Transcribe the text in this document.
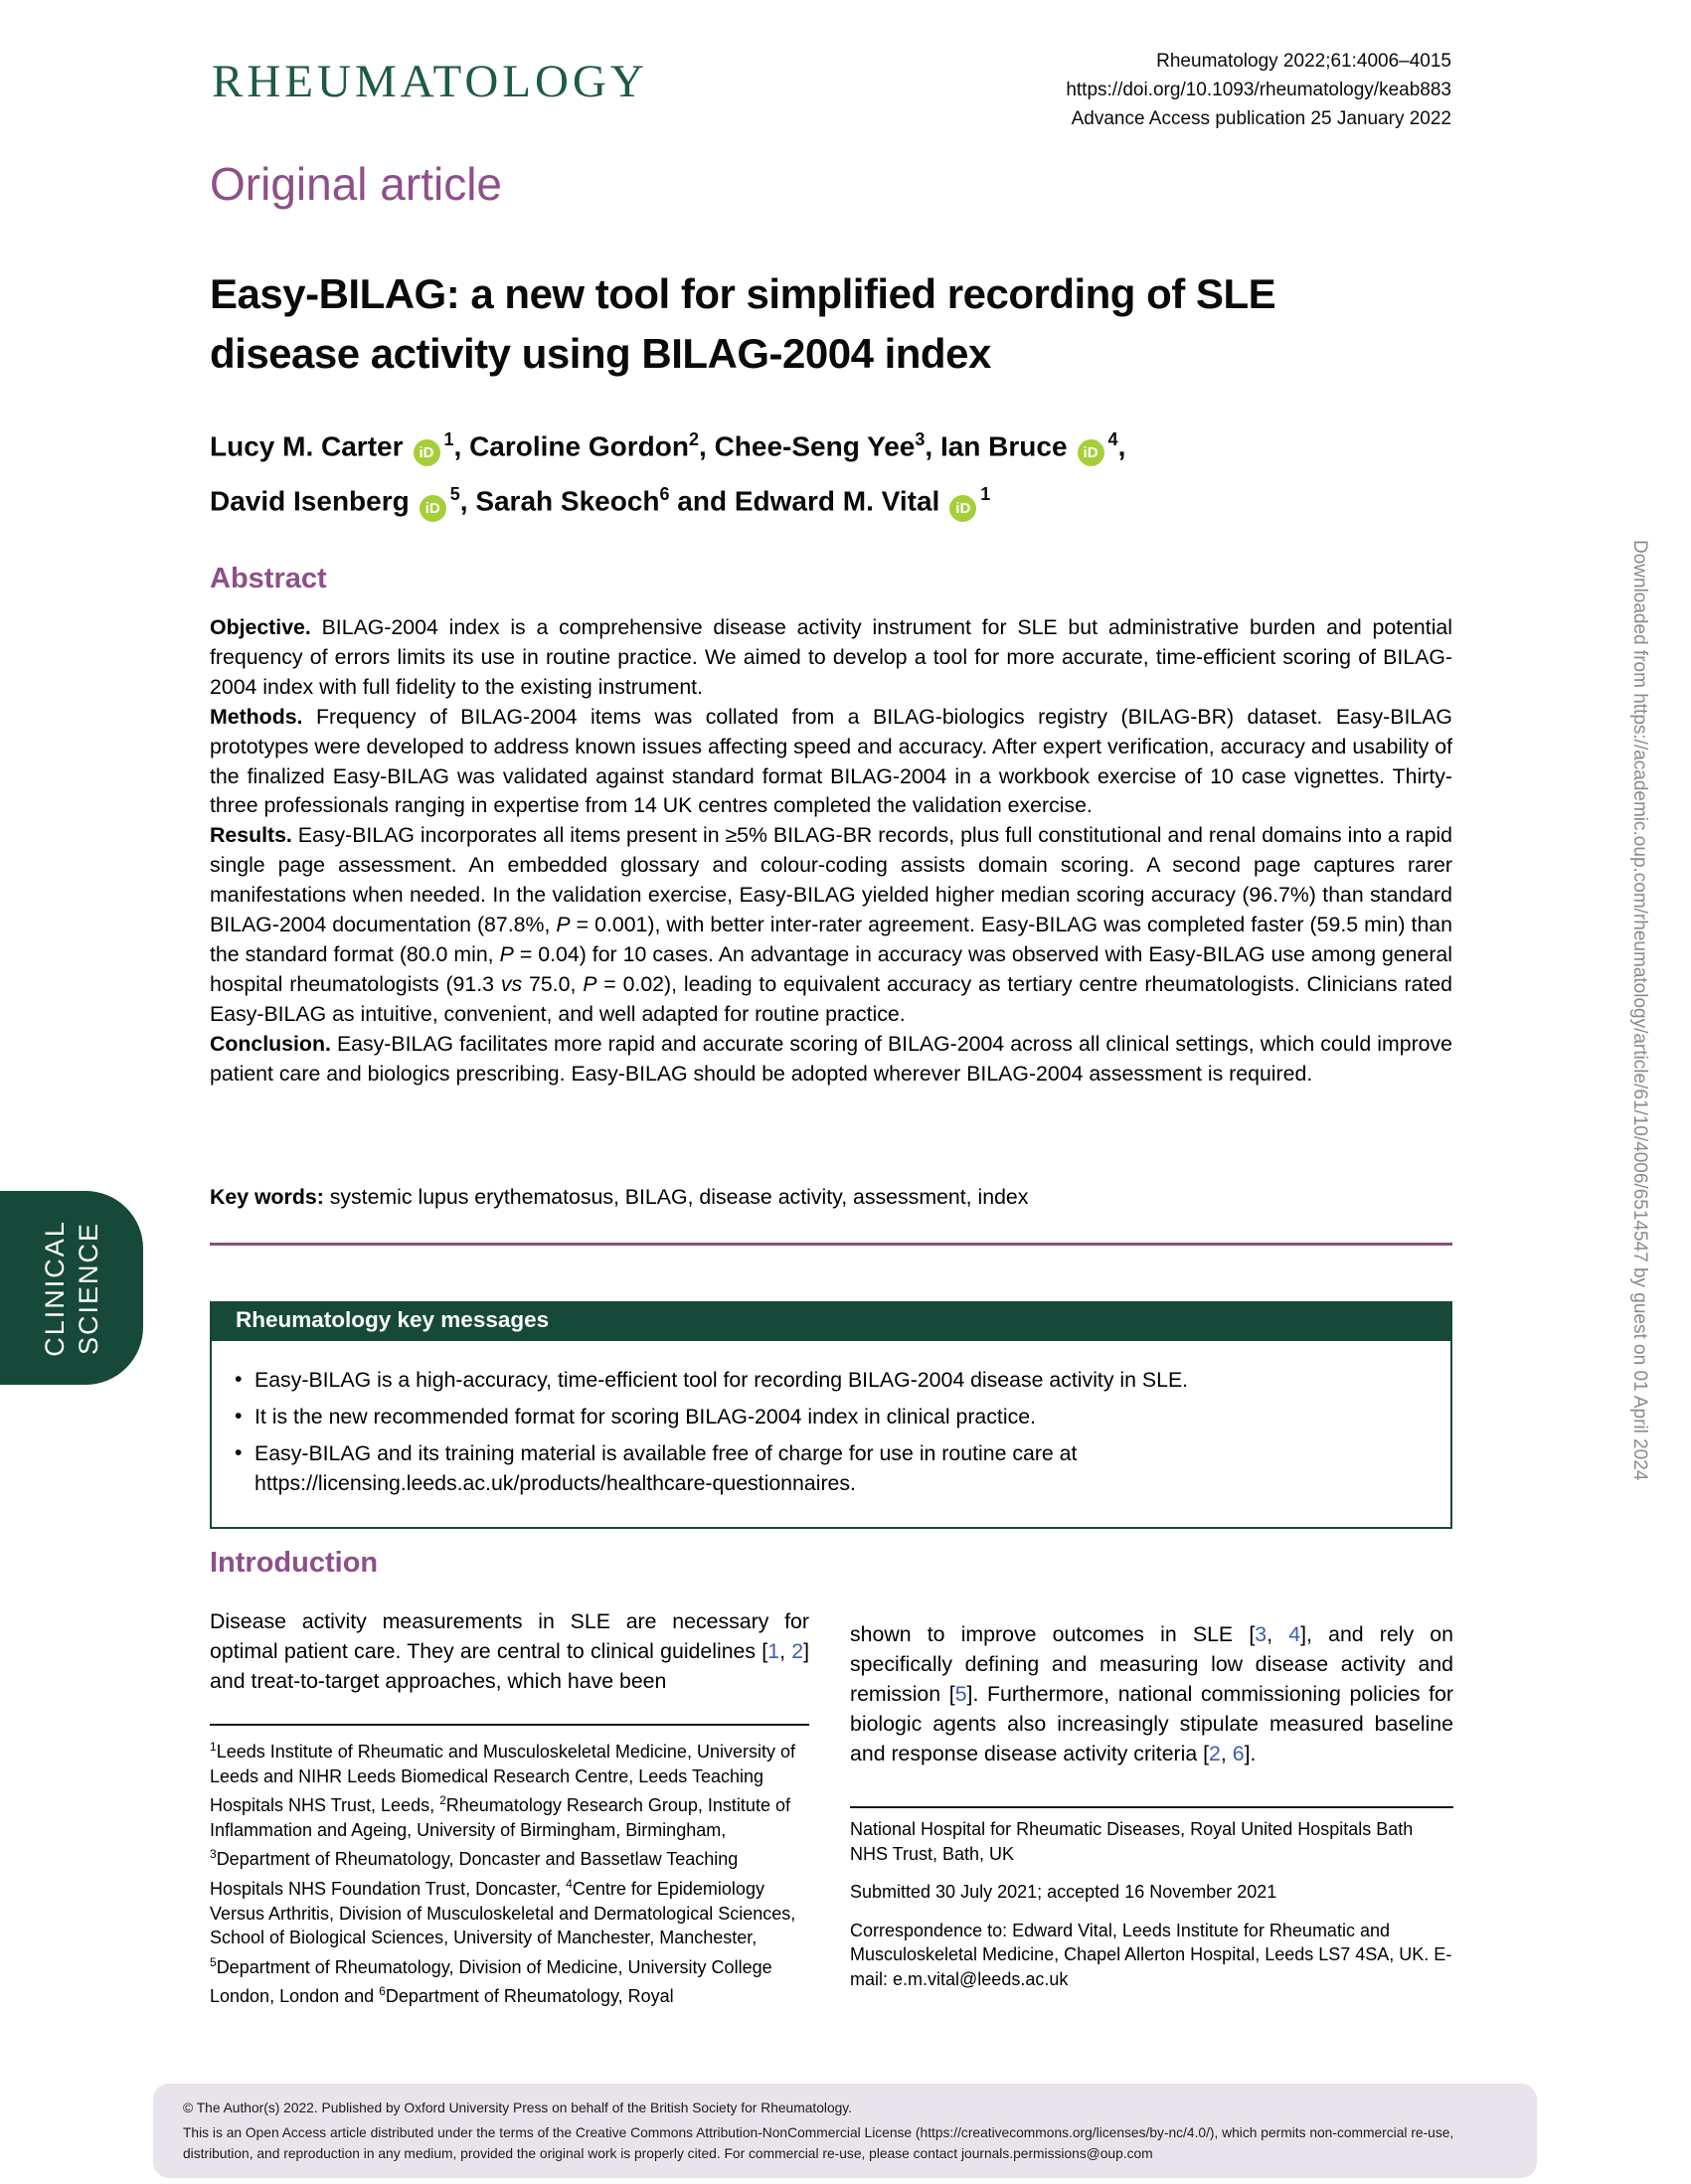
RHEUMATOLOGY	Rheumatology 2022;61:4006–4015
https://doi.org/10.1093/rheumatology/keab883
Advance Access publication 25 January 2022
Original article
Easy-BILAG: a new tool for simplified recording of SLE disease activity using BILAG-2004 index
Lucy M. Carter $iD^1$, Caroline Gordon$^2$, Chee-Seng Yee$^3$, Ian Bruce $iD^4$,
David Isenberg $iD^5$, Sarah Skeoch$^6$ and Edward M. Vital $iD^1$
Abstract

Objective. BILAG-2004 index is a comprehensive disease activity instrument for SLE but administrative burden and potential frequency of errors limits its use in routine practice. We aimed to develop a tool for more accurate, time-efficient scoring of BILAG-2004 index with full fidelity to the existing instrument.

Methods. Frequency of BILAG-2004 items was collated from a BILAG-biologics registry (BILAG-BR) dataset. Easy-BILAG prototypes were developed to address known issues affecting speed and accuracy. After expert verification, accuracy and usability of the finalized Easy-BILAG was validated against standard format BILAG-2004 in a workbook exercise of 10 case vignettes. Thirty-three professionals ranging in expertise from 14 UK centres completed the validation exercise.

Results. Easy-BILAG incorporates all items present in ≥5% BILAG-BR records, plus full constitutional and renal domains into a rapid single page assessment. An embedded glossary and colour-coding assists domain scoring. A second page captures rarer manifestations when needed. In the validation exercise, Easy-BILAG yielded higher median scoring accuracy (96.7%) than standard BILAG-2004 documentation (87.8%, P = 0.001), with better inter-rater agreement. Easy-BILAG was completed faster (59.5 min) than the standard format (80.0 min, P = 0.04) for 10 cases. An advantage in accuracy was observed with Easy-BILAG use among general hospital rheumatologists (91.3 vs 75.0, P = 0.02), leading to equivalent accuracy as tertiary centre rheumatologists. Clinicians rated Easy-BILAG as intuitive, convenient, and well adapted for routine practice.

Conclusion. Easy-BILAG facilitates more rapid and accurate scoring of BILAG-2004 across all clinical settings, which could improve patient care and biologics prescribing. Easy-BILAG should be adopted wherever BILAG-2004 assessment is required.

Key words: systemic lupus erythematosus, BILAG, disease activity, assessment, index
CLINICAL SCIENCE	Rheumatology key messages
• Easy-BILAG is a high-accuracy, time-efficient tool for recording BILAG-2004 disease activity in SLE.
• It is the new recommended format for scoring BILAG-2004 index in clinical practice.
• Easy-BILAG and its training material is available free of charge for use in routine care at https://licensing.leeds.ac.uk/products/healthcare-questionnaires.
Introduction

Disease activity measurements in SLE are necessary for optimal patient care. They are central to clinical guidelines [1, 2] and treat-to-target approaches, which have been

$^1$Leeds Institute of Rheumatic and Musculoskeletal Medicine, University of Leeds and NIHR Leeds Biomedical Research Centre, Leeds Teaching Hospitals NHS Trust, Leeds, $^2$Rheumatology Research Group, Institute of Inflammation and Ageing, University of Birmingham, Birmingham, $^3$Department of Rheumatology, Doncaster and Bassetlaw Teaching Hospitals NHS Foundation Trust, Doncaster, $^4$Centre for Epidemiology Versus Arthritis, Division of Musculoskeletal and Dermatological Sciences, School of Biological Sciences, University of Manchester, Manchester, $^5$Department of Rheumatology, Division of Medicine, University College London, London and $^6$Department of Rheumatology, Royal

shown to improve outcomes in SLE [3, 4], and rely on specifically defining and measuring low disease activity and remission [5]. Furthermore, national commissioning policies for biologic agents also increasingly stipulate measured baseline and response disease activity criteria [2, 6].

National Hospital for Rheumatic Diseases, Royal United Hospitals Bath NHS Trust, Bath, UK

Submitted 30 July 2021; accepted 16 November 2021

Correspondence to: Edward Vital, Leeds Institute for Rheumatic and Musculoskeletal Medicine, Chapel Allerton Hospital, Leeds LS7 4SA, UK. E-mail: e.m.vital@leeds.ac.uk

Downloaded from https://academic.oup.com/rheumatology/article/61/10/4006/6514547 by guest on 01 April 2024

© The Author(s) 2022. Published by Oxford University Press on behalf of the British Society for Rheumatology.

This is an Open Access article distributed under the terms of the Creative Commons Attribution-NonCommercial License (https://creativecommons.org/licenses/by-nc/4.0/), which permits non-commercial re-use, distribution, and reproduction in any medium, provided the original work is properly cited. For commercial re-use, please contact journals.permissions@oup.com
